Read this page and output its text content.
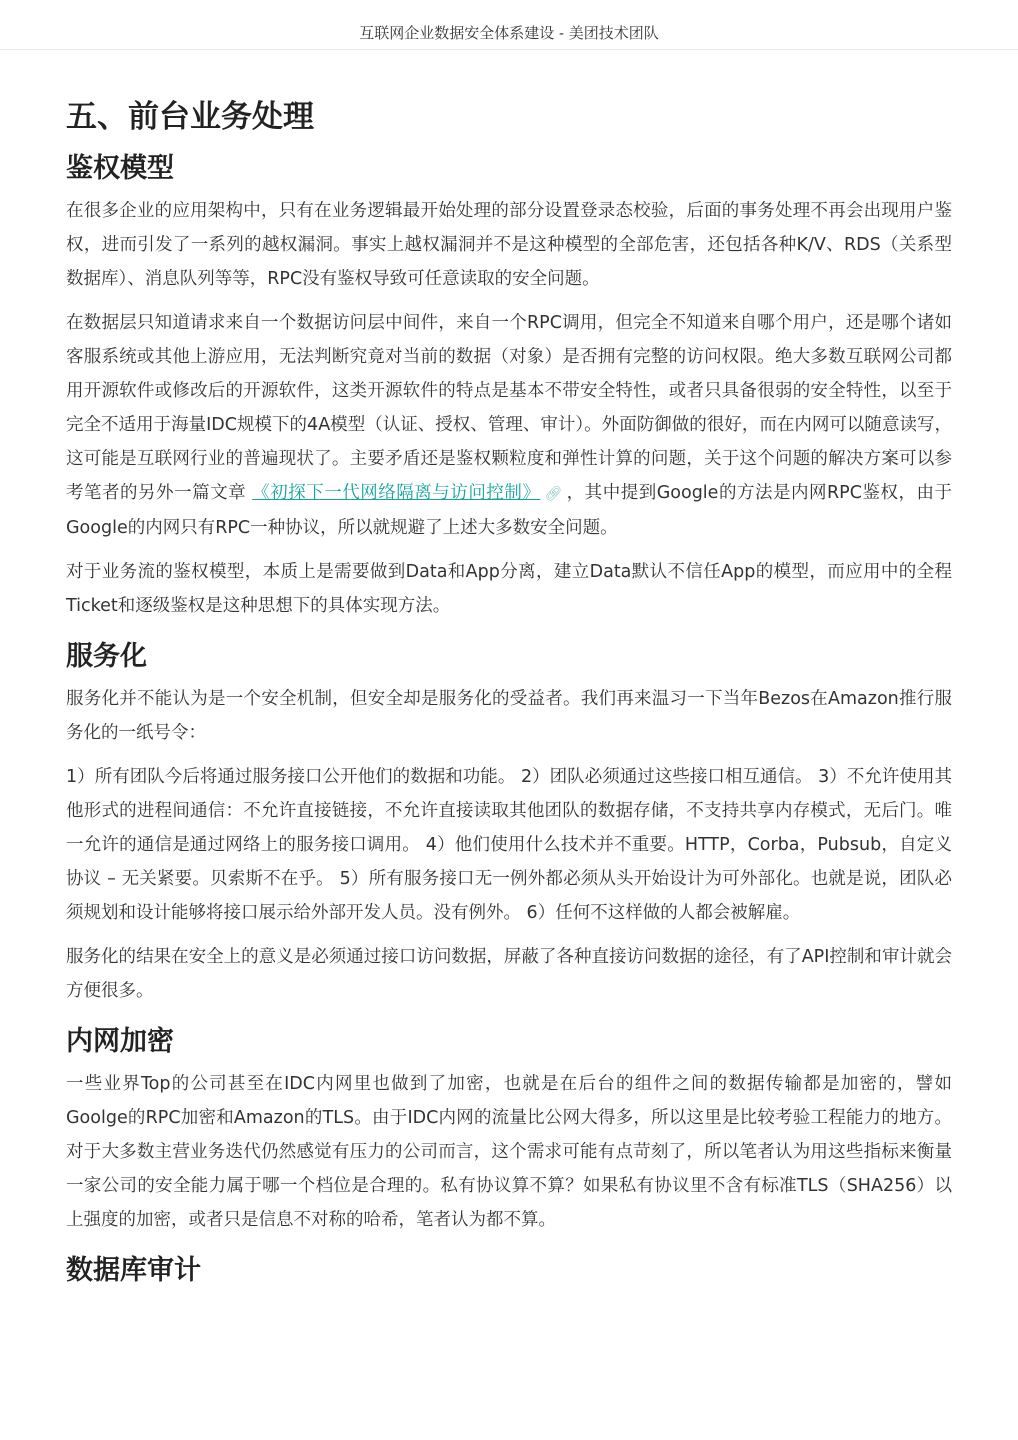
互联网企业数据安全体系建设 - 美团技术团队
五、前台业务处理
鉴权模型

在很多企业的应用架构中，只有在业务逻辑最开始处理的部分设置登录态校验，后面的事务处理不再会出现用户鉴权，进而引发了一系列的越权漏洞。事实上越权漏洞并不是这种模型的全部危害，还包括各种K/V、RDS（关系型数据库）、消息队列等等，RPC没有鉴权导致可任意读取的安全问题。

在数据层只知道请求来自一个数据访问层中间件，来自一个RPC调用，但完全不知道来自哪个用户，还是哪个诸如客服系统或其他上游应用，无法判断究竟对当前的数据（对象）是否拥有完整的访问权限。绝大多数互联网公司都用开源软件或修改后的开源软件，这类开源软件的特点是基本不带安全特性，或者只具备很弱的安全特性，以至于完全不适用于海量IDC规模下的4A模型（认证、授权、管理、审计）。外面防御做的很好，而在内网可以随意读写，这可能是互联网行业的普遍现状了。主要矛盾还是鉴权颗粒度和弹性计算的问题，关于这个问题的解决方案可以参考笔者的另外一篇文章 《初探下一代网络隔离与访问控制》 🔗︎ ，其中提到Google的方法是内网RPC鉴权，由于Google的内网只有RPC一种协议，所以就规避了上述大多数安全问题。

对于业务流的鉴权模型，本质上是需要做到Data和App分离，建立Data默认不信任App的模型，而应用中的全程Ticket和逐级鉴权是这种思想下的具体实现方法。

服务化

服务化并不能认为是一个安全机制，但安全却是服务化的受益者。我们再来温习一下当年Bezos在Amazon推行服务化的一纸号令：

1）所有团队今后将通过服务接口公开他们的数据和功能。 2）团队必须通过这些接口相互通信。 3）不允许使用其他形式的进程间通信：不允许直接链接，不允许直接读取其他团队的数据存储，不支持共享内存模式，无后门。唯一允许的通信是通过网络上的服务接口调用。 4）他们使用什么技术并不重要。HTTP，Corba，Pubsub，自定义协议 – 无关紧要。贝索斯不在乎。 5）所有服务接口无一例外都必须从头开始设计为可外部化。也就是说，团队必须规划和设计能够将接口展示给外部开发人员。没有例外。 6）任何不这样做的人都会被解雇。

服务化的结果在安全上的意义是必须通过接口访问数据，屏蔽了各种直接访问数据的途径，有了API控制和审计就会方便很多。

内网加密

一些业界Top的公司甚至在IDC内网里也做到了加密，也就是在后台的组件之间的数据传输都是加密的，譬如Goolge的RPC加密和Amazon的TLS。由于IDC内网的流量比公网大得多，所以这里是比较考验工程能力的地方。对于大多数主营业务迭代仍然感觉有压力的公司而言，这个需求可能有点苛刻了，所以笔者认为用这些指标来衡量一家公司的安全能力属于哪一个档位是合理的。私有协议算不算？如果私有协议里不含有标准TLS（SHA256）以上强度的加密，或者只是信息不对称的哈希，笔者认为都不算。

数据库审计
